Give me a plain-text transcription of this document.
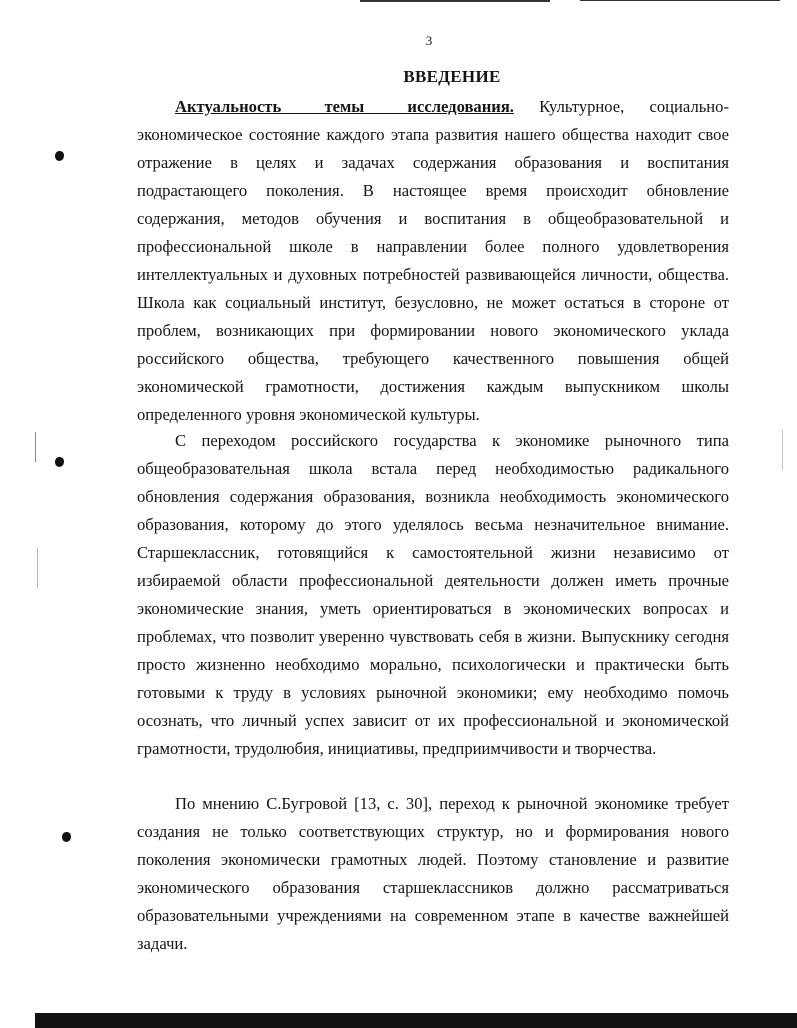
3
ВВЕДЕНИЕ

Актуальность темы исследования. Культурное, социально-экономическое состояние каждого этапа развития нашего общества находит свое отражение в целях и задачах содержания образования и воспитания подрастающего поколения. В настоящее время происходит обновление содержания, методов обучения и воспитания в общеобразовательной и профессиональной школе в направлении более полного удовлетворения интеллектуальных и духовных потребностей развивающейся личности, общества. Школа как социальный институт, безусловно, не может остаться в стороне от проблем, возникающих при формировании нового экономического уклада российского общества, требующего качественного повышения общей экономической грамотности, достижения каждым выпускником школы определенного уровня экономической культуры.

С переходом российского государства к экономике рыночного типа общеобразовательная школа встала перед необходимостью радикального обновления содержания образования, возникла необходимость экономического образования, которому до этого уделялось весьма незначительное внимание. Старшеклассник, готовящийся к самостоятельной жизни независимо от избираемой области профессиональной деятельности должен иметь прочные экономические знания, уметь ориентироваться в экономических вопросах и проблемах, что позволит уверенно чувствовать себя в жизни. Выпускнику сегодня просто жизненно необходимо морально, психологически и практически быть готовыми к труду в условиях рыночной экономики; ему необходимо помочь осознать, что личный успех зависит от их профессиональной и экономической грамотности, трудолюбия, инициативы, предприимчивости и творчества.

По мнению С.Бугровой [13, с. 30], переход к рыночной экономике требует создания не только соответствующих структур, но и формирования нового поколения экономически грамотных людей. Поэтому становление и развитие экономического образования старшеклассников должно рассматриваться образовательными учреждениями на современном этапе в качестве важнейшей задачи.
